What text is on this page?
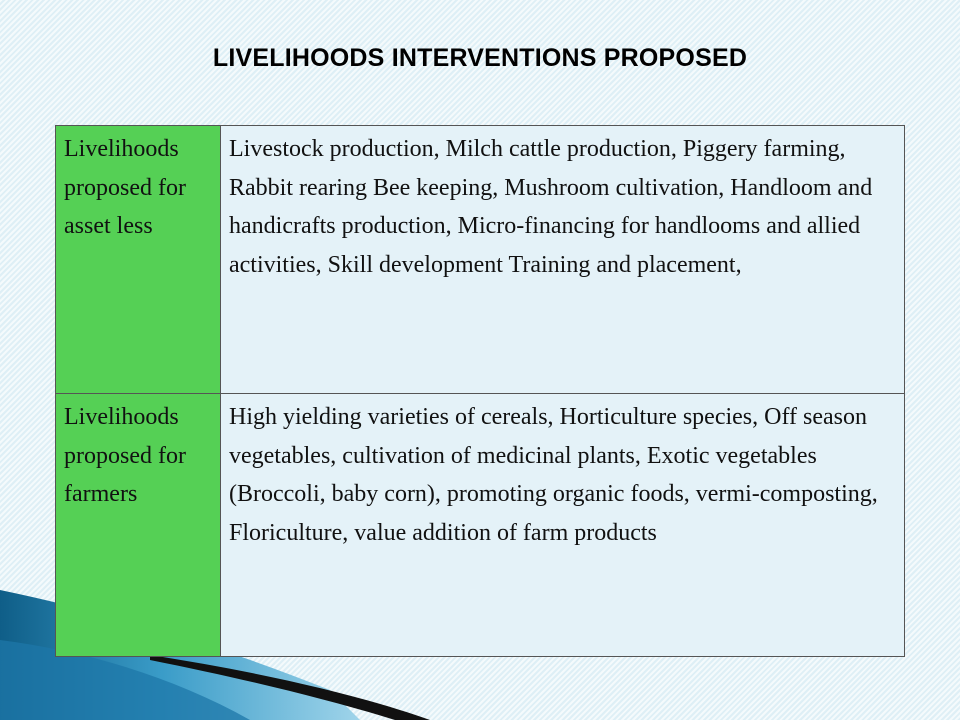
LIVELIHOODS INTERVENTIONS PROPOSED
Livelihoods proposed for asset less	Livestock production, Milch cattle production, Piggery farming, Rabbit rearing Bee keeping, Mushroom cultivation, Handloom and handicrafts production, Micro-financing for handlooms and allied activities, Skill development Training and placement,
Livelihoods proposed for farmers	High yielding varieties of cereals, Horticulture species, Off season vegetables, cultivation of medicinal plants, Exotic vegetables (Broccoli, baby corn), promoting organic foods, vermi-composting, Floriculture, value addition of farm products
